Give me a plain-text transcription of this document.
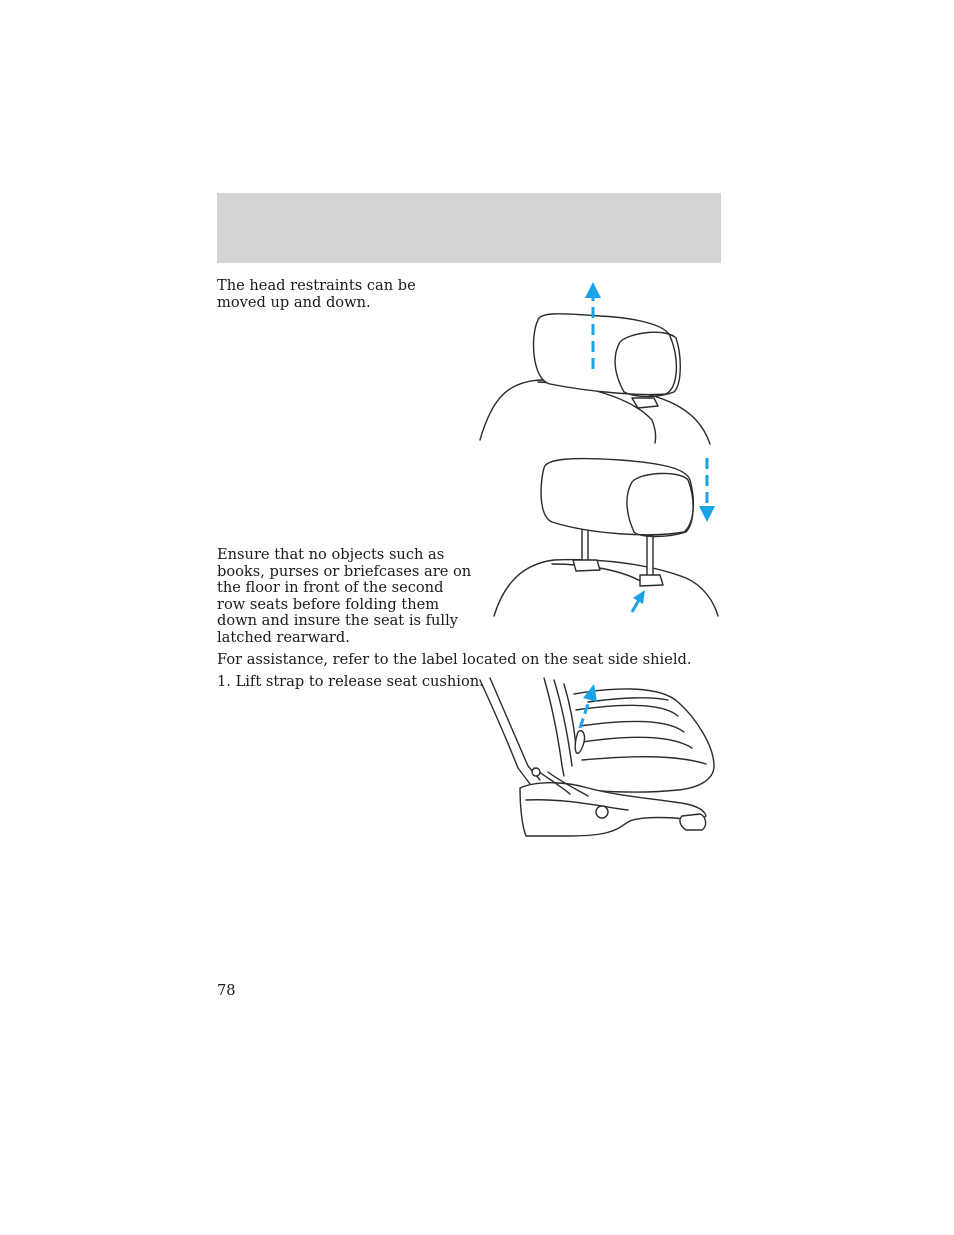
The head restraints can be moved up and down.

Ensure that no objects such as books, purses or briefcases are on the floor in front of the second row seats before folding them down and insure the seat is fully latched rearward.

For assistance, refer to the label located on the seat side shield.

1. Lift strap to release seat cushion.

78
